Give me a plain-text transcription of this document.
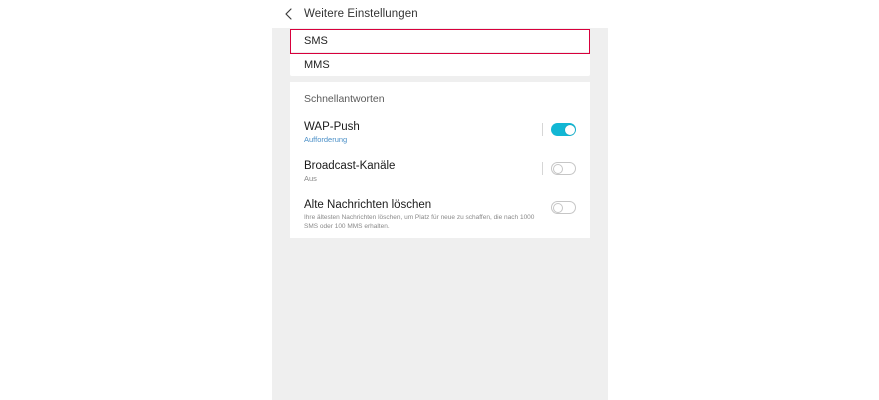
Weitere Einstellungen
SMS
MMS
Schnellantworten
WAP-Push
Aufforderung
Broadcast-Kanäle
Aus
Alte Nachrichten löschen
Ihre ältesten Nachrichten löschen, um Platz für neue zu schaffen, die nach 1000 SMS oder 100 MMS erhalten.
